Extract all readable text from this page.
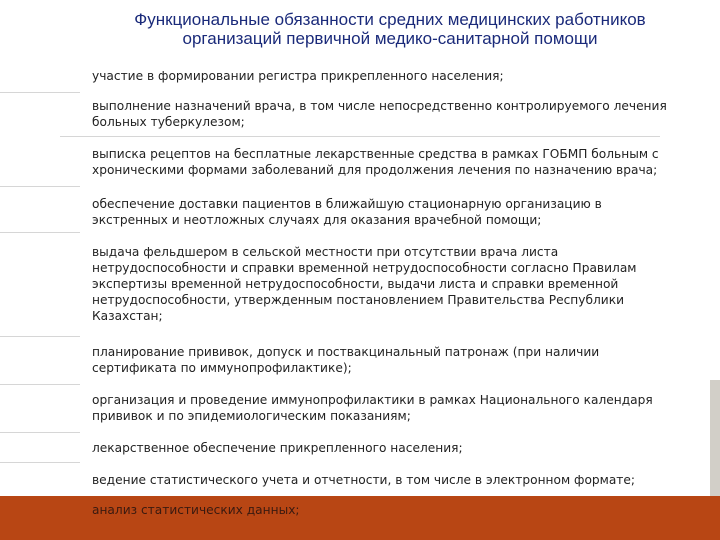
Функциональные обязанности средних медицинских работников
организаций первичной медико-санитарной помощи
участие в формировании регистра прикрепленного населения;
выполнение назначений врача, в том числе непосредственно контролируемого лечения
больных туберкулезом;
выписка рецептов на бесплатные лекарственные средства в рамках ГОБМП больным с
хроническими формами заболеваний для продолжения лечения по назначению врача;
обеспечение доставки пациентов в ближайшую стационарную организацию в
экстренных и неотложных случаях для оказания врачебной помощи;
выдача фельдшером в сельской местности при отсутствии врача листа
нетрудоспособности и справки временной нетрудоспособности согласно Правилам
экспертизы временной нетрудоспособности, выдачи листа и справки временной
нетрудоспособности, утвержденным постановлением Правительства Республики
Казахстан;
планирование прививок, допуск и поствакцинальный патронаж (при наличии
сертификата по иммунопрофилактике);
организация и проведение иммунопрофилактики в рамках Национального календаря
прививок и по эпидемиологическим показаниям;
лекарственное обеспечение прикрепленного населения;
ведение статистического учета и отчетности, в том числе в электронном формате;
анализ статистических данных;
